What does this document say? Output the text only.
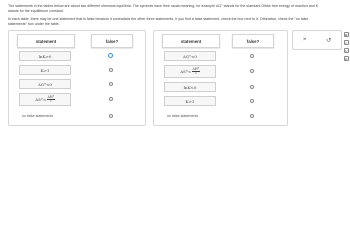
The statements in the tables below are about two different chemical equilibria. The symbols have their usual meaning, for example ΔG° stands for the standard Gibbs free energy of reaction and K stands for the equilibrium constant.

In each table, there may be one statement that is false because it contradicts the other three statements. If you find a false statement, check the box next to it. Otherwise, check the "no false statements" box under the table.

statement	false?
lnK>0
K>1
ΔG°<0
$\Delta S^\circ< \frac{\Delta H^\circ}{T}$
no false statements
statement	false?
ΔG°<0
$\Delta S^\circ< \frac{\Delta H^\circ}{T}$
lnK<0
K>1
no false statements
×	↺
▦
≡
Ar
▤
